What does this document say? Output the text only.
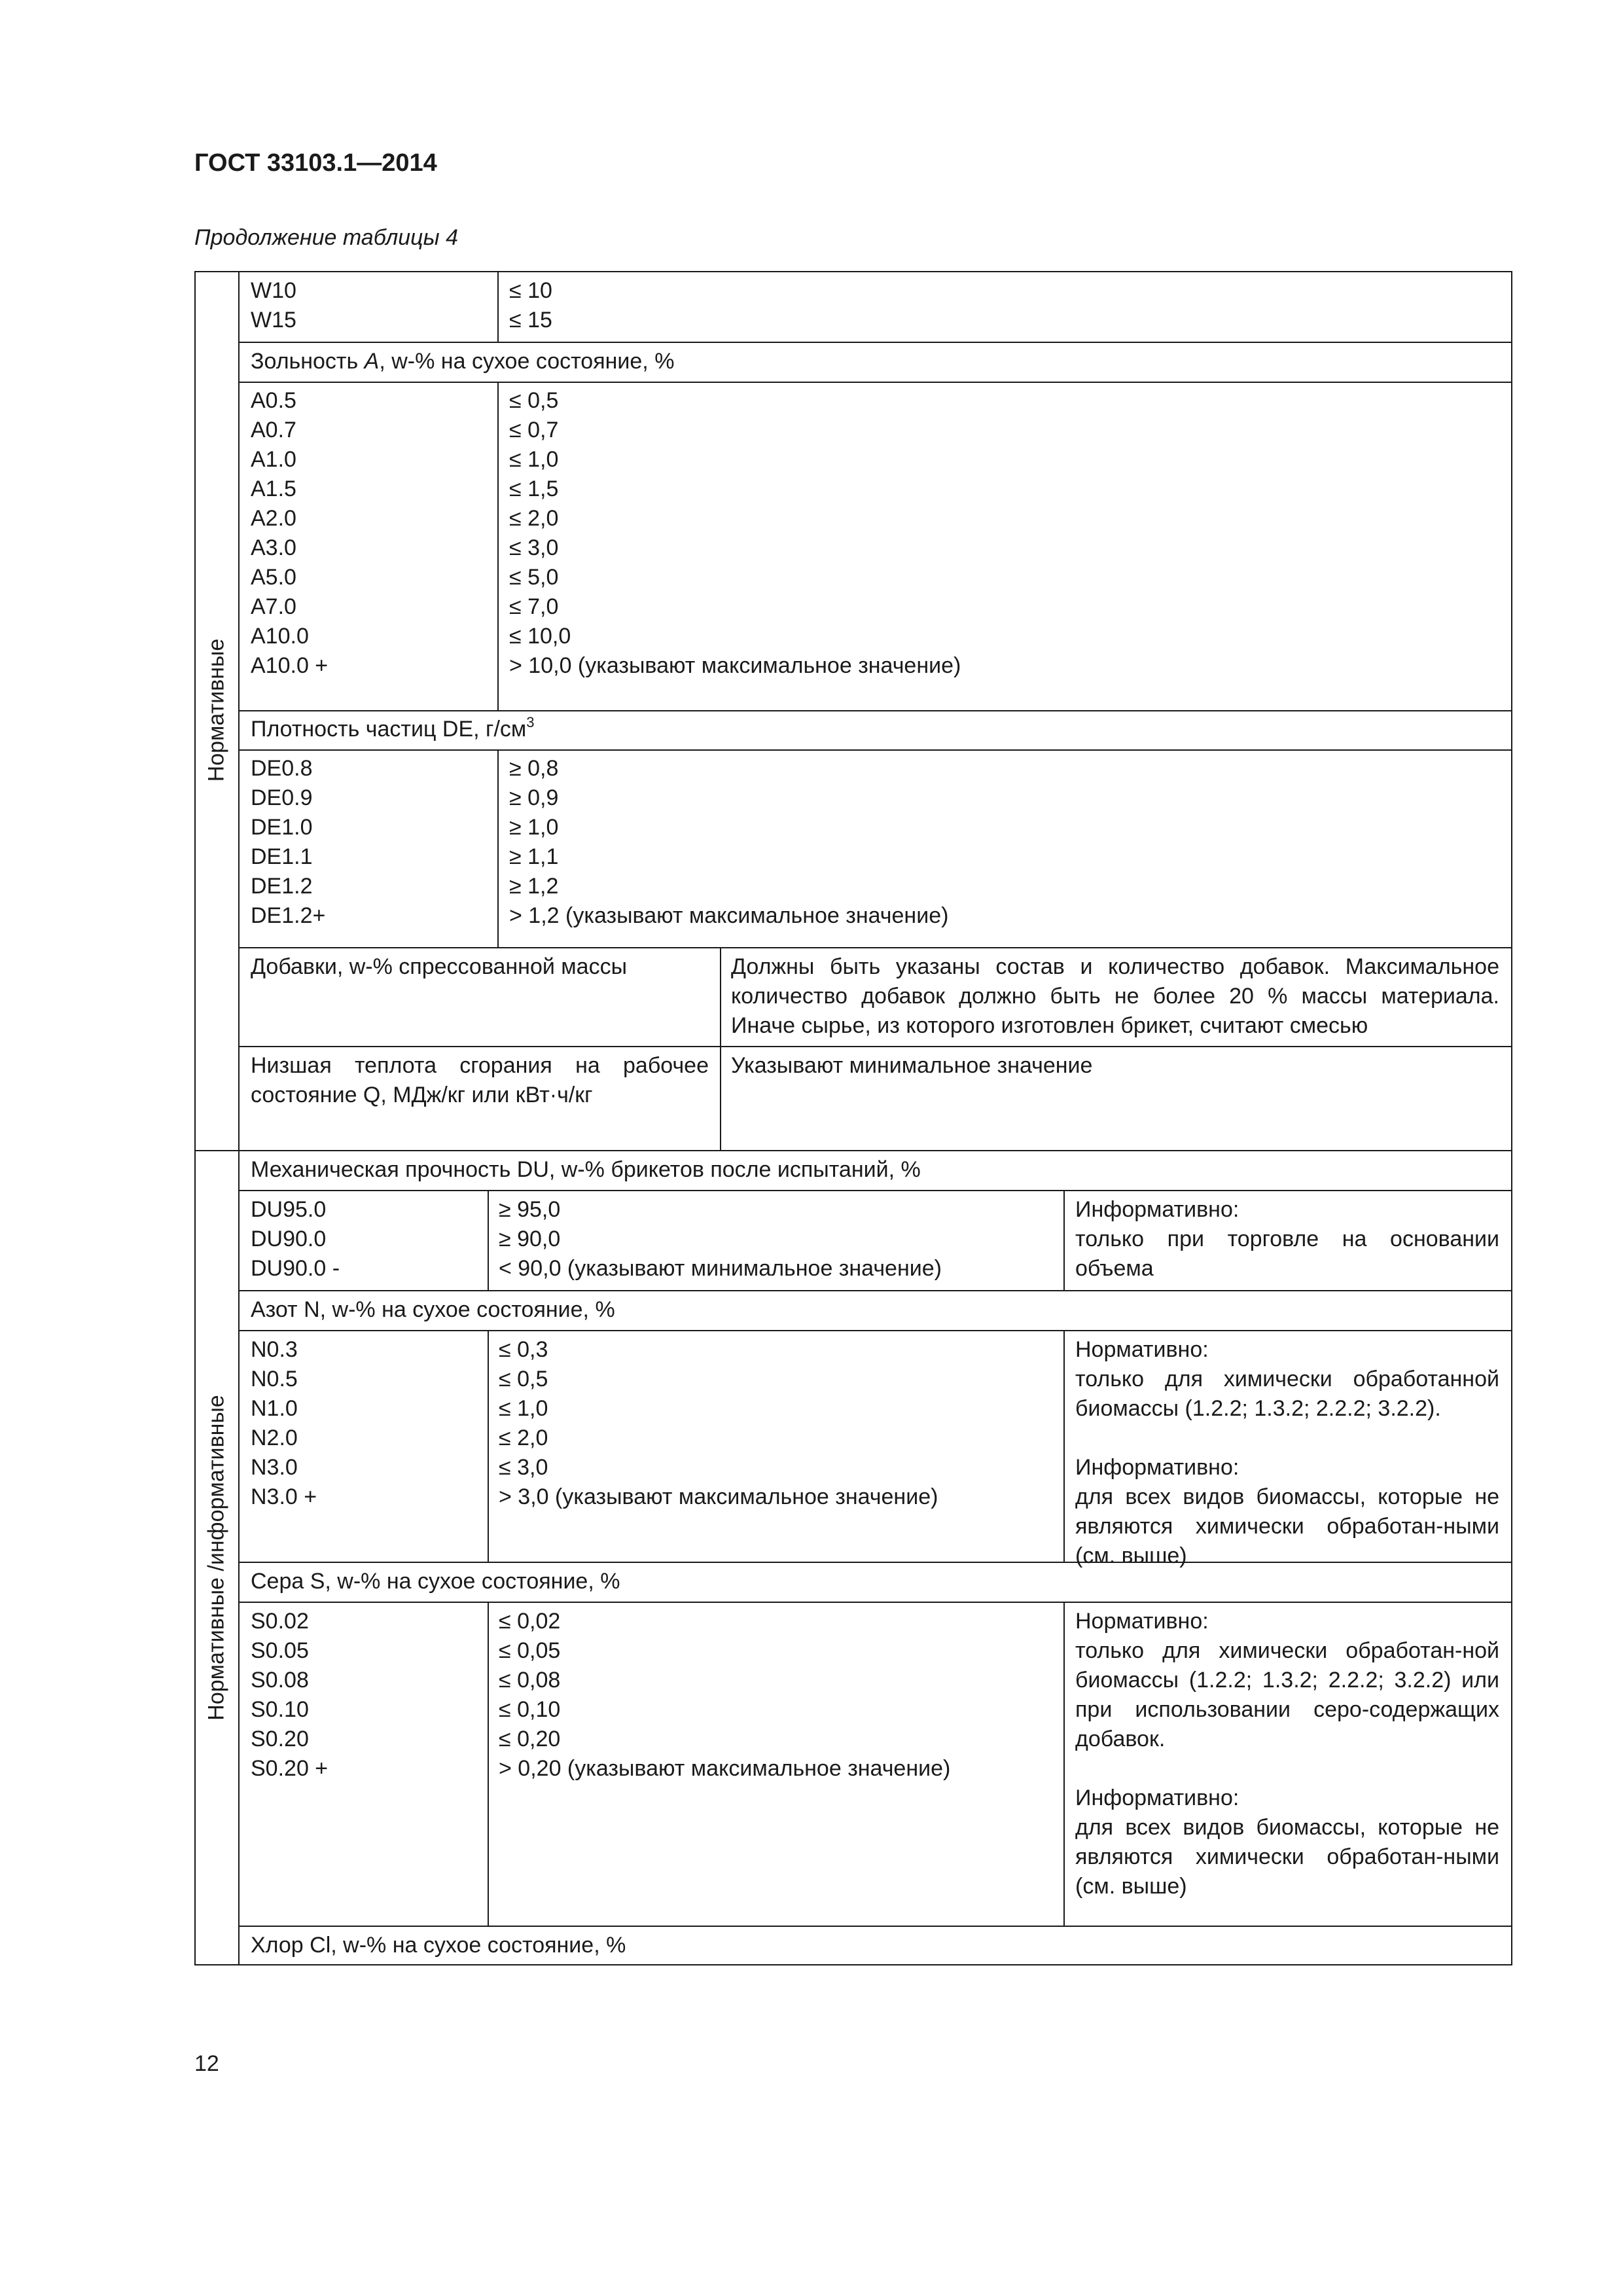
ГОСТ 33103.1—2014
Продолжение таблицы 4
Нормативные
Нормативные /информативные
W10
W15
≤ 10
≤ 15
Зольность A, w-% на сухое состояние, %
A0.5
A0.7
A1.0
A1.5
A2.0
A3.0
A5.0
A7.0
A10.0
A10.0 +
≤ 0,5
≤ 0,7
≤ 1,0
≤ 1,5
≤ 2,0
≤ 3,0
≤ 5,0
≤ 7,0
≤ 10,0
> 10,0 (указывают максимальное значение)
Плотность частиц DE, $г/см^3$
DE0.8
DE0.9
DE1.0
DE1.1
DE1.2
DE1.2+
≥ 0,8
≥ 0,9
≥ 1,0
≥ 1,1
≥ 1,2
> 1,2 (указывают максимальное значение)
Добавки, w-% спрессованной массы	Должны быть указаны состав и количество добавок. Максимальное количество добавок должно быть не более 20 % массы материала. Иначе сырье, из которого изготовлен брикет, считают смесью
Низшая теплота сгорания на рабочее состояние Q, МДж/кг или кВт·ч/кг
Указывают минимальное значение
Механическая прочность DU, w-% брикетов после испытаний, %
DU95.0
DU90.0
DU90.0 -
≥ 95,0
≥ 90,0
< 90,0 (указывают минимальное значение)
Информативно:
только при торговле на основании объема
Азот N, w-% на сухое состояние, %
N0.3
N0.5
N1.0
N2.0
N3.0
N3.0 +
≤ 0,3
≤ 0,5
≤ 1,0
≤ 2,0
≤ 3,0
> 3,0 (указывают максимальное значение)
Нормативно:
только для химически обработанной биомассы (1.2.2; 1.3.2; 2.2.2; 3.2.2).
Информативно:
для всех видов биомассы, которые не являются химически обработан-ными (см. выше)
Сера S, w-% на сухое состояние, %
S0.02
S0.05
S0.08
S0.10
S0.20
S0.20 +
≤ 0,02
≤ 0,05
≤ 0,08
≤ 0,10
≤ 0,20
> 0,20 (указывают максимальное значение)
Нормативно:
только для химически обработан-ной биомассы (1.2.2; 1.3.2; 2.2.2; 3.2.2) или при использовании серо-содержащих добавок.
Информативно:
для всех видов биомассы, которые не являются химически обработан-ными (см. выше)
Хлор Cl, w-% на сухое состояние, %
12
